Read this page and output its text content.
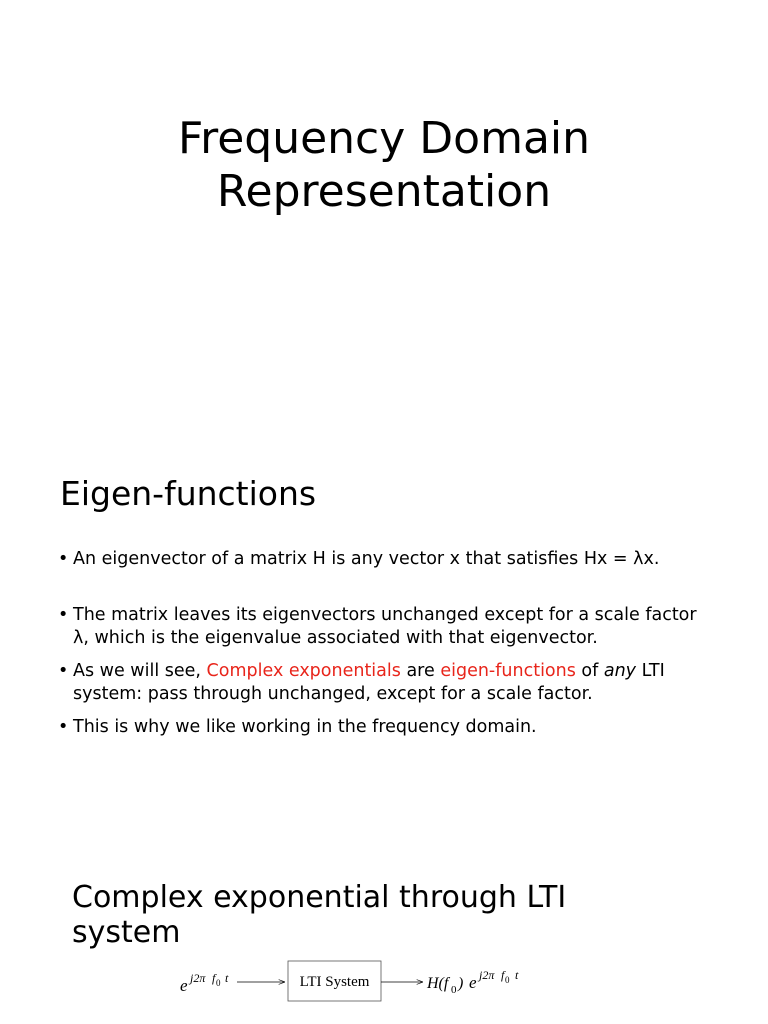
Frequency Domain
Representation
Eigen-functions
• An eigenvector of a matrix H is any vector x that satisfies Hx = λx.
• The matrix leaves its eigenvectors unchanged except for a scale factor
λ, which is the eigenvalue associated with that eigenvector.
• As we will see, Complex exponentials are eigen-functions of any LTI
system: pass through unchanged, except for a scale factor.
• This is why we like working in the frequency domain.
Complex exponential through LTI
system
e j2π f 0 t	LTI System	H(f 0 ) e j2π f 0 t
